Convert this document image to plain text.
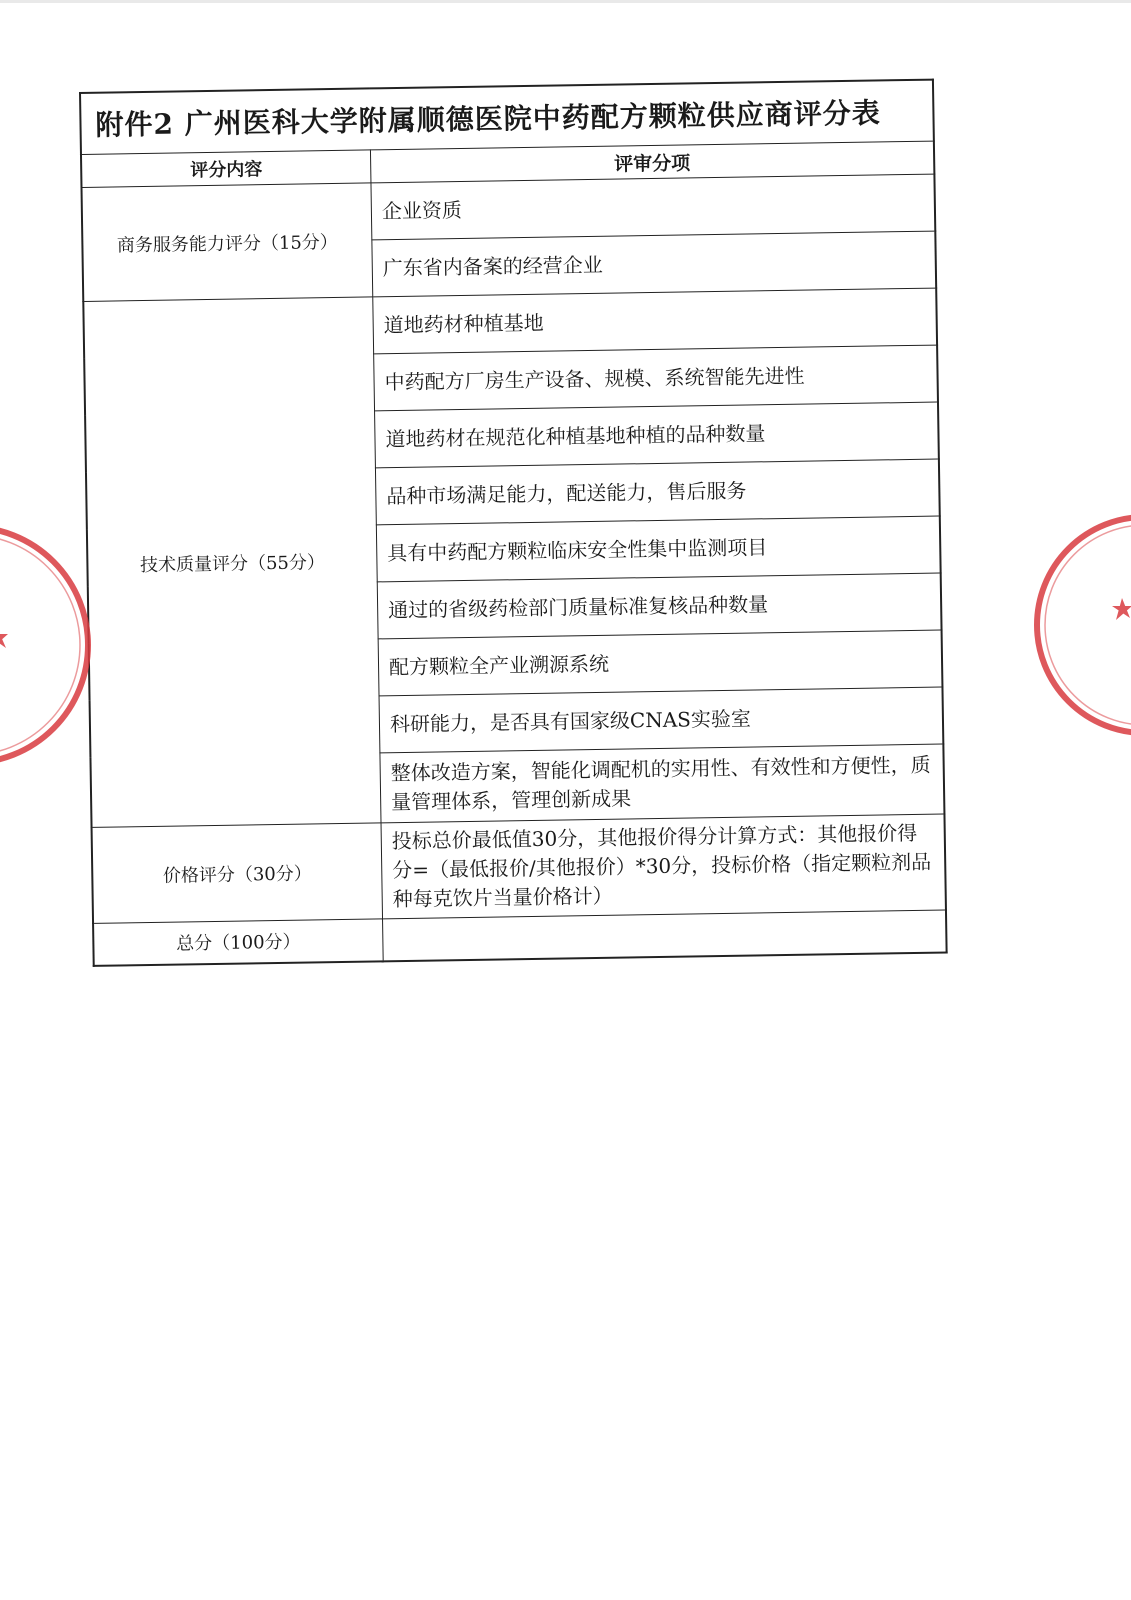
附件2 广州医科大学附属顺德医院中药配方颗粒供应商评分表	
评分内容	评审分项
商务服务能力评分（15分）	企业资质
	广东省内备案的经营企业
技术质量评分（55分）	道地药材种植基地
	中药配方厂房生产设备、规模、系统智能先进性
	道地药材在规范化种植基地种植的品种数量
	品种市场满足能力，配送能力，售后服务
	具有中药配方颗粒临床安全性集中监测项目
	通过的省级药检部门质量标准复核品种数量
	配方颗粒全产业溯源系统
	科研能力，是否具有国家级CNAS实验室
	整体改造方案，智能化调配机的实用性、有效性和方便性，质量管理体系，管理创新成果
价格评分（30分）	投标总价最低值30分，其他报价得分计算方式：其他报价得分=（最低报价/其他报价）*30分，投标价格（指定颗粒剂品种每克饮片当量价格计）
总分（100分）	
